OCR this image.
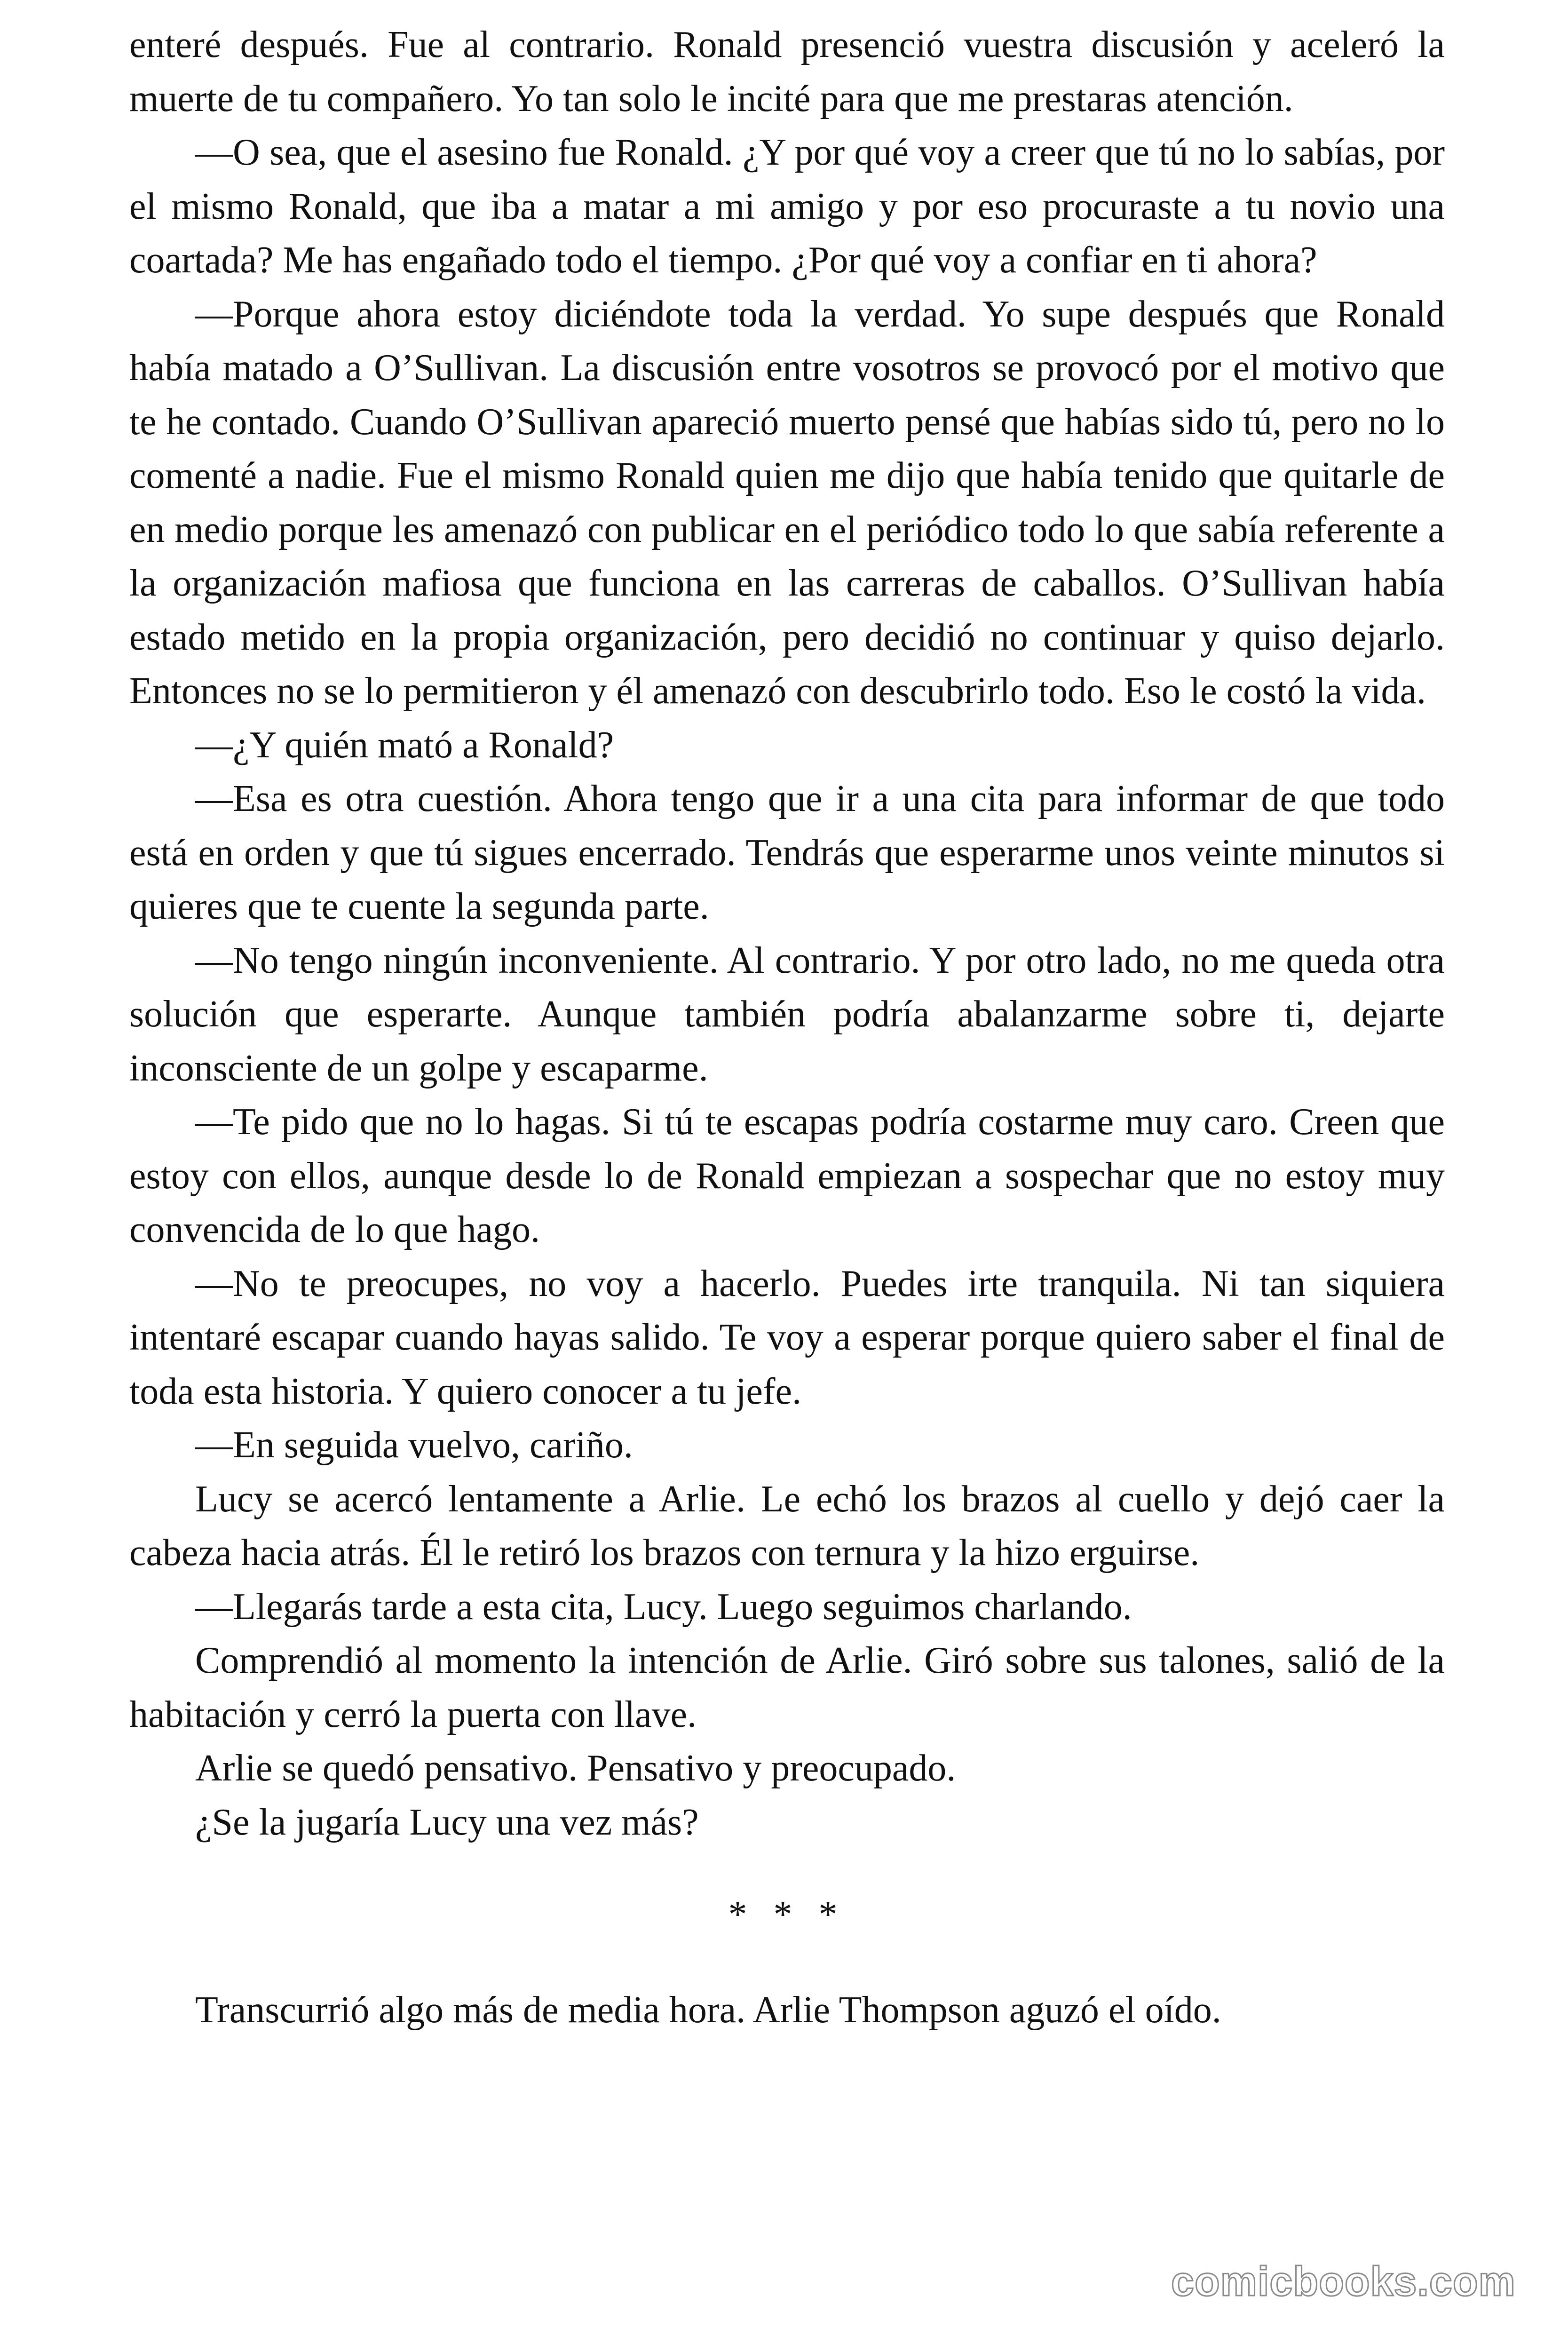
enteré después. Fue al contrario. Ronald presenció vuestra discusión y aceleró la muerte de tu compañero. Yo tan solo le incité para que me prestaras atención.

—O sea, que el asesino fue Ronald. ¿Y por qué voy a creer que tú no lo sabías, por el mismo Ronald, que iba a matar a mi amigo y por eso procuraste a tu novio una coartada? Me has engañado todo el tiempo. ¿Por qué voy a confiar en ti ahora?

—Porque ahora estoy diciéndote toda la verdad. Yo supe después que Ronald había matado a O’Sullivan. La discusión entre vosotros se provocó por el motivo que te he contado. Cuando O’Sullivan apareció muerto pensé que habías sido tú, pero no lo comenté a nadie. Fue el mismo Ronald quien me dijo que había tenido que quitarle de en medio porque les amenazó con publicar en el periódico todo lo que sabía referente a la organización mafiosa que funciona en las carreras de caballos. O’Sullivan había estado metido en la propia organización, pero decidió no continuar y quiso dejarlo. Entonces no se lo permitieron y él amenazó con descubrirlo todo. Eso le costó la vida.

—¿Y quién mató a Ronald?

—Esa es otra cuestión. Ahora tengo que ir a una cita para informar de que todo está en orden y que tú sigues encerrado. Tendrás que esperarme unos veinte minutos si quieres que te cuente la segunda parte.

—No tengo ningún inconveniente. Al contrario. Y por otro lado, no me queda otra solución que esperarte. Aunque también podría abalanzarme sobre ti, dejarte inconsciente de un golpe y escaparme.

—Te pido que no lo hagas. Si tú te escapas podría costarme muy caro. Creen que estoy con ellos, aunque desde lo de Ronald empiezan a sospechar que no estoy muy convencida de lo que hago.

—No te preocupes, no voy a hacerlo. Puedes irte tranquila. Ni tan siquiera intentaré escapar cuando hayas salido. Te voy a esperar porque quiero saber el final de toda esta historia. Y quiero conocer a tu jefe.

—En seguida vuelvo, cariño.

Lucy se acercó lentamente a Arlie. Le echó los brazos al cuello y dejó caer la cabeza hacia atrás. Él le retiró los brazos con ternura y la hizo erguirse.

—Llegarás tarde a esta cita, Lucy. Luego seguimos charlando.

Comprendió al momento la intención de Arlie. Giró sobre sus talones, salió de la habitación y cerró la puerta con llave.

Arlie se quedó pensativo. Pensativo y preocupado.

¿Se la jugaría Lucy una vez más?

* * *

Transcurrió algo más de media hora. Arlie Thompson aguzó el oído.

comicbooks.com
